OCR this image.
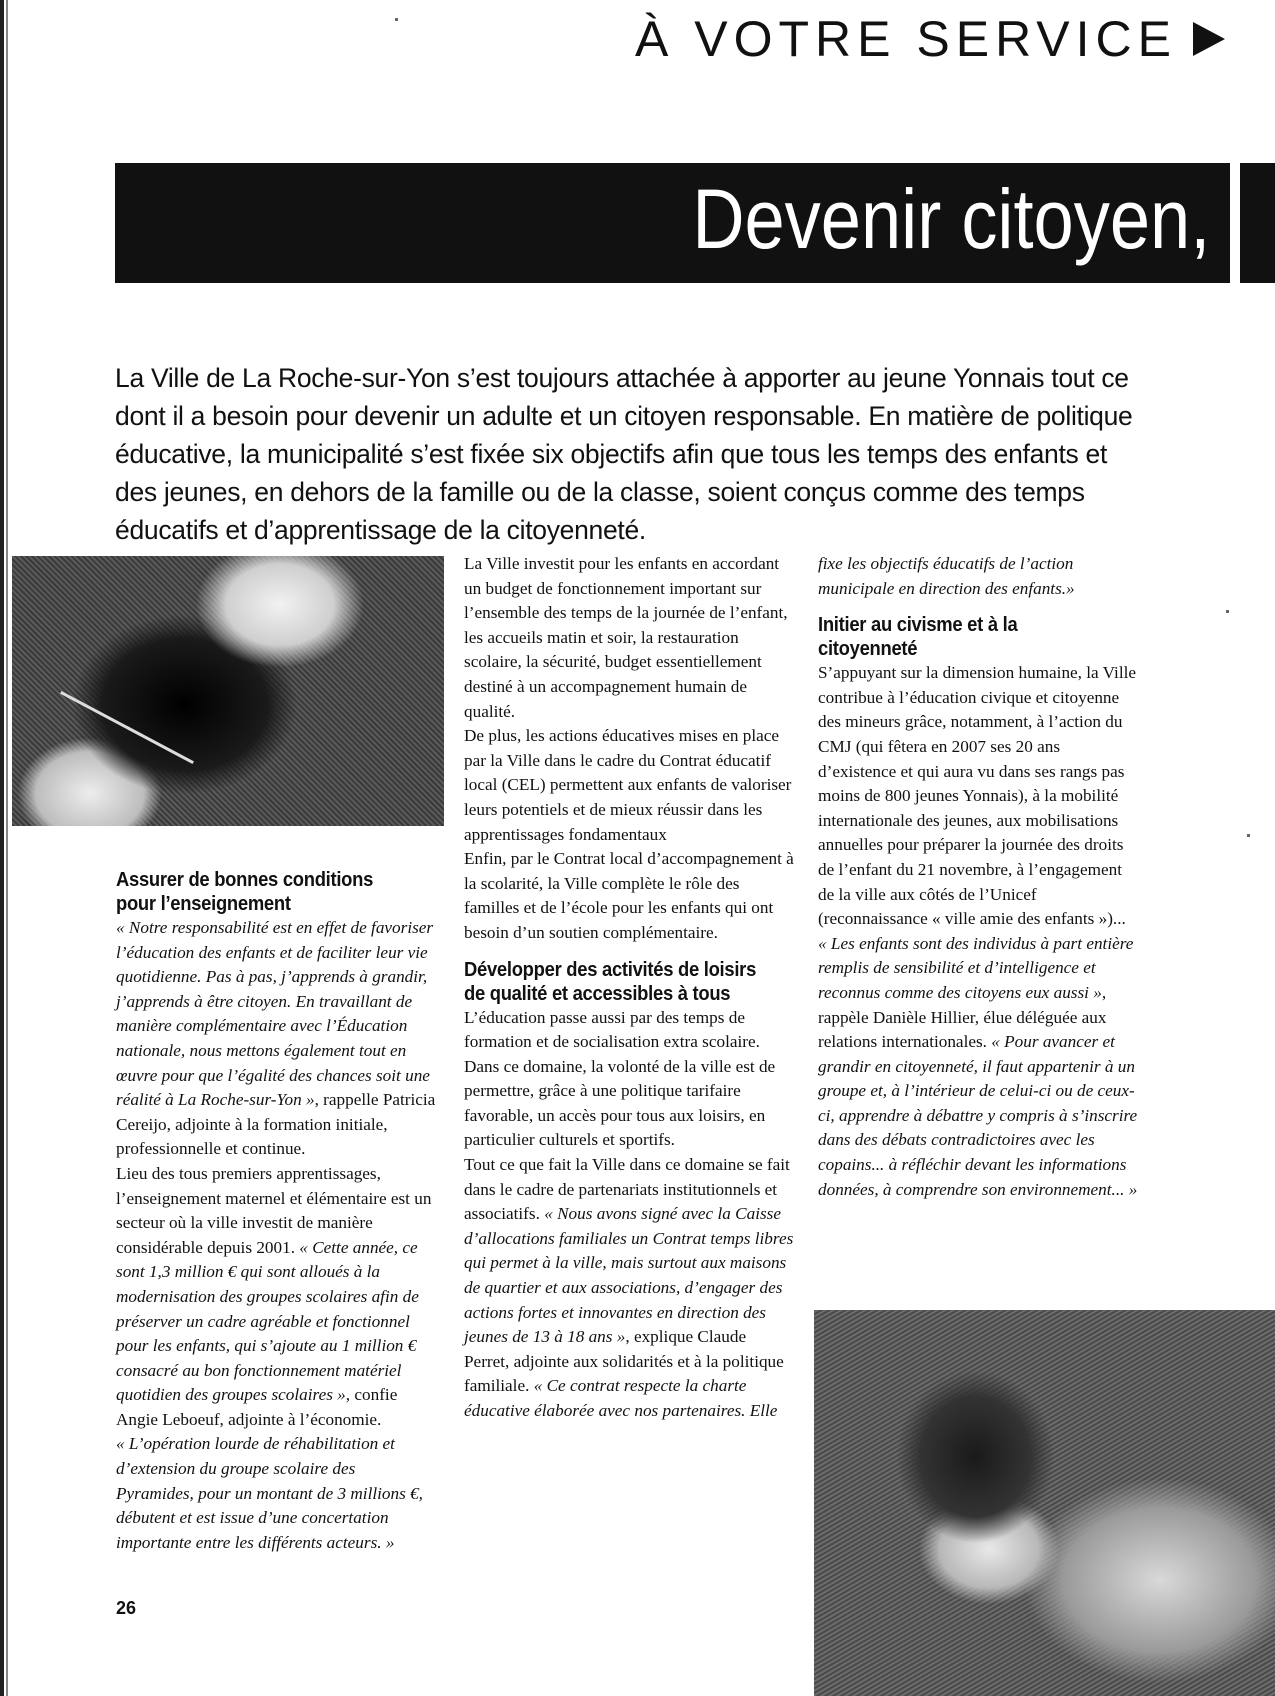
À VOTRE SERVICE
Devenir citoyen,

La Ville de La Roche-sur-Yon s’est toujours attachée à apporter au jeune Yonnais tout ce dont il a besoin pour devenir un adulte et un citoyen responsable. En matière de politique éducative, la municipalité s’est fixée six objectifs afin que tous les temps des enfants et des jeunes, en dehors de la famille ou de la classe, soient conçus comme des temps éducatifs et d’apprentissage de la citoyenneté.

Assurer de bonnes conditions
pour l’enseignement

« Notre responsabilité est en effet de favoriser l’éducation des enfants et de faciliter leur vie quotidienne. Pas à pas, j’apprends à grandir, j’apprends à être citoyen. En travaillant de manière complémentaire avec l’Éducation nationale, nous mettons également tout en œuvre pour que l’égalité des chances soit une réalité à La Roche-sur-Yon », rappelle Patricia Cereijo, adjointe à la formation initiale, professionnelle et continue.

Lieu des tous premiers apprentissages, l’enseignement maternel et élémentaire est un secteur où la ville investit de manière considérable depuis 2001. « Cette année, ce sont 1,3 million € qui sont alloués à la modernisation des groupes scolaires afin de préserver un cadre agréable et fonctionnel pour les enfants, qui s’ajoute au 1 million € consacré au bon fonctionnement matériel quotidien des groupes scolaires », confie Angie Leboeuf, adjointe à l’économie.

« L’opération lourde de réhabilitation et d’extension du groupe scolaire des Pyramides, pour un montant de 3 millions €, débutent et est issue d’une concertation importante entre les différents acteurs. »

La Ville investit pour les enfants en accordant un budget de fonctionnement important sur l’ensemble des temps de la journée de l’enfant, les accueils matin et soir, la restauration scolaire, la sécurité, budget essentiellement destiné à un accompagnement humain de qualité.

De plus, les actions éducatives mises en place par la Ville dans le cadre du Contrat éducatif local (CEL) permettent aux enfants de valoriser leurs potentiels et de mieux réussir dans les apprentissages fondamentaux

Enfin, par le Contrat local d’accompagnement à la scolarité, la Ville complète le rôle des familles et de l’école pour les enfants qui ont besoin d’un soutien complémentaire.

Développer des activités de loisirs
de qualité et accessibles à tous

L’éducation passe aussi par des temps de formation et de socialisation extra scolaire. Dans ce domaine, la volonté de la ville est de permettre, grâce à une politique tarifaire favorable, un accès pour tous aux loisirs, en particulier culturels et sportifs.

Tout ce que fait la Ville dans ce domaine se fait dans le cadre de partenariats institutionnels et associatifs. « Nous avons signé avec la Caisse d’allocations familiales un Contrat temps libres qui permet à la ville, mais surtout aux maisons de quartier et aux associations, d’engager des actions fortes et innovantes en direction des jeunes de 13 à 18 ans », explique Claude Perret, adjointe aux solidarités et à la politique familiale. « Ce contrat respecte la charte éducative élaborée avec nos partenaires. Elle

fixe les objectifs éducatifs de l’action municipale en direction des enfants.»

Initier au civisme et à la
citoyenneté

S’appuyant sur la dimension humaine, la Ville contribue à l’éducation civique et citoyenne des mineurs grâce, notamment, à l’action du CMJ (qui fêtera en 2007 ses 20 ans d’existence et qui aura vu dans ses rangs pas moins de 800 jeunes Yonnais), à la mobilité internationale des jeunes, aux mobilisations annuelles pour préparer la journée des droits de l’enfant du 21 novembre, à l’engagement de la ville aux côtés de l’Unicef (reconnaissance « ville amie des enfants »)...

« Les enfants sont des individus à part entière remplis de sensibilité et d’intelligence et reconnus comme des citoyens eux aussi », rappèle Danièle Hillier, élue déléguée aux relations internationales. « Pour avancer et grandir en citoyenneté, il faut appartenir à un groupe et, à l’intérieur de celui-ci ou de ceux-ci, apprendre à débattre y compris à s’inscrire dans des débats contradictoires avec les copains... à réfléchir devant les informations données, à comprendre son environnement... »

26
